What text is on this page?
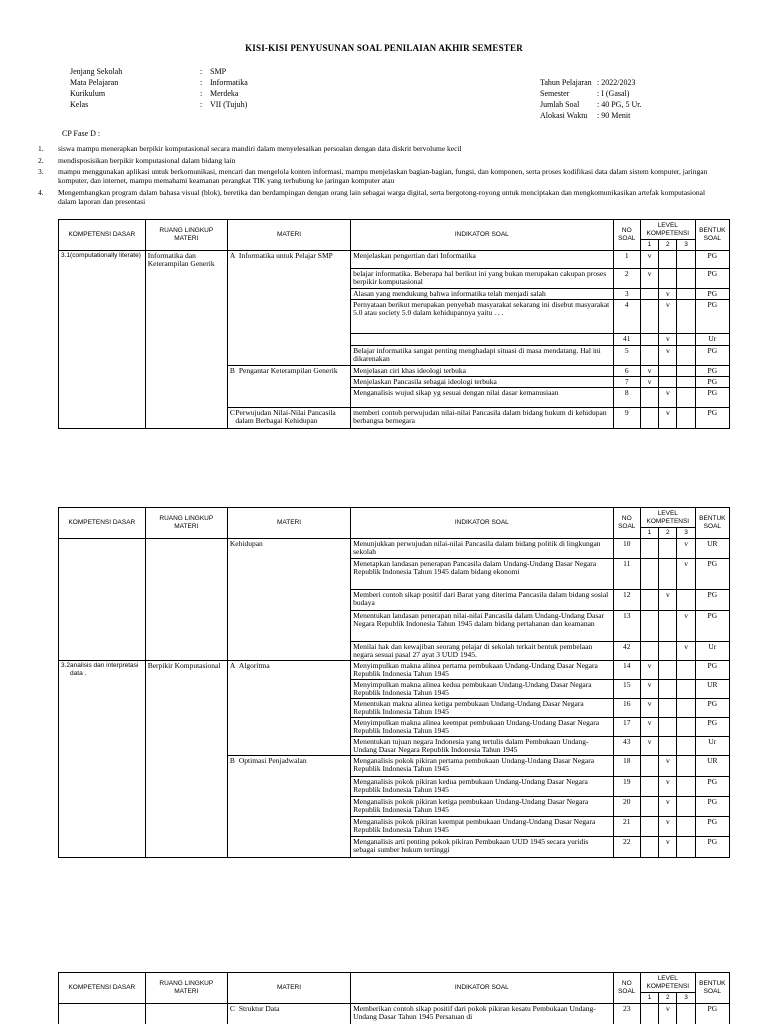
KISI-KISI PENYUSUNAN SOAL PENILAIAN AKHIR SEMESTER
Jenjang Sekolah	: SMP
Mata Pelajaran	: Informatika
Kurikulum	: Merdeka
Kelas	: VII (Tujuh)
Tahun Pelajaran : 2022/2023
Semester	: I (Gasal)
Jumlah Soal : 40 PG, 5 Ur.
Alokasi Waktu : 90 Menit
CP Fase D :
1. siswa mampu menerapkan berpikir komputasional secara mandiri dalam menyelesaikan persoalan dengan data diskrit bervolume kecil
2. mendisposisikan berpikir komputasional dalam bidang lain
3. mampu menggunakan aplikasi untuk berkomunikasi, mencari dan mengelola konten informasi, mampu menjelaskan bagian-bagian, fungsi, dan komponen, serta proses kodifikasi data dalam sistem komputer, jaringan komputer, dan internet, mampu memahami keamanan perangkat TIK yang terhubung ke jaringan komputer atau
4. Mengembangkan program dalam bahasa visual (blok), beretika dan berdampingan dengan orang lain sebagai warga digital, serta bergotong-royong untuk menciptakan dan mengkomunikasikan artefak komputasional dalam laporan dan presentasi
KOMPETENSI DASAR	RUANG LINGKUP MATERI	MATERI	INDIKATOR SOAL	NO SOAL	LEVEL KOMPETENSI			BENTUK SOAL
					1	2	3	

3.1 (computationally literate)	Informatika dan Keterampilan Generik	A Informatika untuk Pelajar SMP	Menjelaskan pengertian dari Informatika	1	v			PG
			belajar informatika. Beberapa hal berikut ini yang bukan merupakan cakupan proses berpikir komputasional	2	v			PG
			Alasan yang mendukung bahwa informatika telah menjadi salah	3		v		PG
			Pernyataan berikut merupakan penyebab masyarakat sekarang ini disebut masyarakat 5.0 atau society 5.0 dalam kehidupannya yaitu . . .	4		v		PG
				41		v		Ur
			Belajar informatika sangat penting menghadapi situasi di masa mendatang. Hal ini dikarenakan	5		v		PG

		B Pengantar Keterampilan Generik	Menjelasan ciri khas ideologi terbuka	6	v			PG
			Menjelaskan Pancasila sebagai ideologi terbuka	7	v			PG
			Menganalisis wujud sikap yg sesuai dengan nilai dasar kemanusiaan	8		v		PG

		C Perwujudan Nilai-Nilai Pancasila dalam Berbagai Kehidupan	memberi contoh perwujudan nilai-nilai Pancasila dalam bidang hukum di kehidupan berbangsa bernegara	9		v		PG
KOMPETENSI DASAR	RUANG LINGKUP MATERI	MATERI	INDIKATOR SOAL	NO SOAL	LEVEL KOMPETENSI			BENTUK SOAL
					1	2	3	
		Kehidupan	Menunjukkan perwujudan nilai-nilai Pancasila dalam bidang politik di lingkungan sekolah	10			v	UR
			Menetapkan landasan penerapan Pancasila dalam Undang-Undang Dasar Negara Republik Indonesia Tahun 1945 dalam bidang ekonomi	11			v	PG
			Memberi contoh sikap positif dari Barat yang diterima Pancasila dalam bidang sosial budaya	12		v		PG
			Menentukan landasan penerapan nilai-nilai Pancasila dalam Undang-Undang Dasar Negara Republik Indonesia Tahun 1945 dalam bidang pertahanan dan keamanan	13			v	PG
			Menilai hak dan kewajiban seorang pelajar di sekolah terkait bentuk pembelaan negara sesuai pasal 27 ayat 3 UUD 1945.	42			v	Ur

3.2 analisis dan interpretasi data .	Berpikir Komputasional	A Algoritma	Menyimpulkan makna alinea pertama pembukaan Undang-Undang Dasar Negara Republik Indonesia Tahun 1945	14	v			PG
			Menyimpulkan makna alinea kedua pembukaan Undang-Undang Dasar Negara Republik Indonesia Tahun 1945	15	v			UR
			Menentukan makna alinea ketiga pembukaan Undang-Undang Dasar Negara Republik Indonesia Tahun 1945	16	v			PG
			Menyimpulkan makna alinea keempat pembukaan Undang-Undang Dasar Negara Republik Indonesia Tahun 1945	17	v			PG
			Menentukan tujuan negara Indonesia yang tertulis dalam Pembukaan Undang-Undang Dasar Negara Republik Indonesia Tahun 1945	43	v			Ur

		B Optimasi Penjadwalan	Menganalisis pokok pikiran pertama pembukaan Undang-Undang Dasar Negara Republik Indonesia Tahun 1945	18		v		UR
			Menganalisis pokok pikiran kedua pembukaan Undang-Undang Dasar Negara Republik Indonesia Tahun 1945	19		v		PG
			Menganalisis pokok pikiran ketiga pembukaan Undang-Undang Dasar Negara Republik Indonesia Tahun 1945	20		v		PG
			Menganalisis pokok pikiran keempat pembukaan Undang-Undang Dasar Negara Republik Indonesia Tahun 1945	21		v		PG
			Menganalisis arti penting pokok pikiran Pembukaan UUD 1945 secara yuridis sebagai sumber hukum tertinggi	22		v		PG
KOMPETENSI DASAR	RUANG LINGKUP MATERI	MATERI	INDIKATOR SOAL	NO SOAL	LEVEL KOMPETENSI			BENTUK SOAL
					1	2	3	

		C Struktur Data	Memberikan contoh sikap positif dari pokok pikiran kesatu Pembukaan Undang-Undang Dasar Tahun 1945 Persatuan di	23		v		PG
